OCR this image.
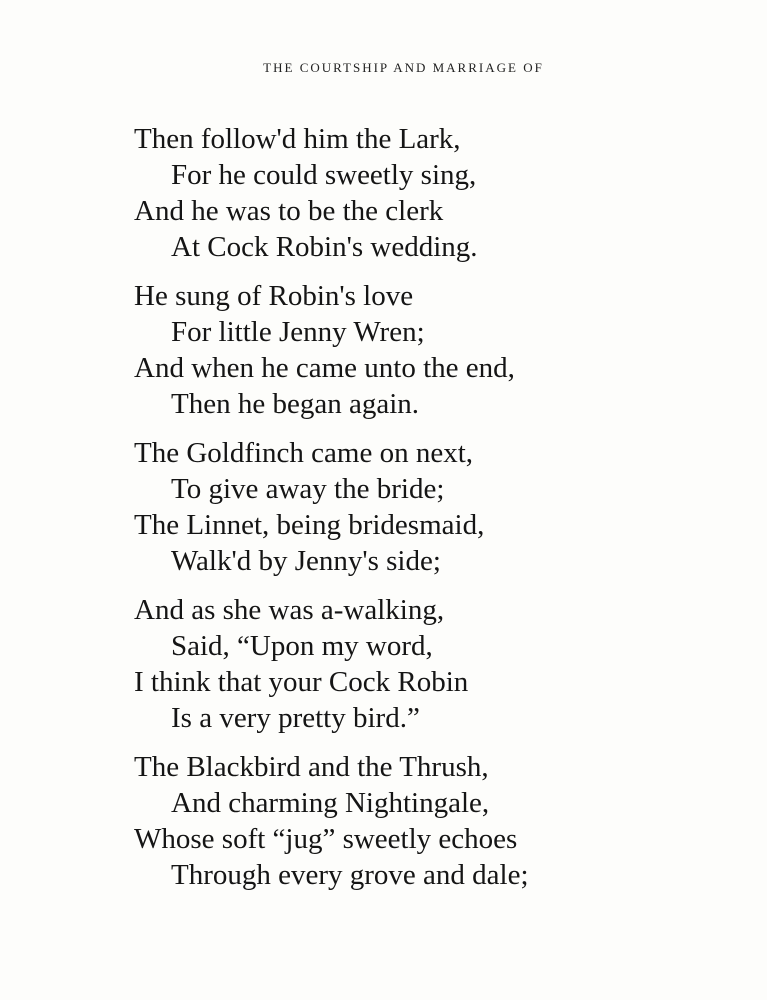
THE COURTSHIP AND MARRIAGE OF
Then follow'd him the Lark,
For he could sweetly sing,
And he was to be the clerk
At Cock Robin's wedding.
He sung of Robin's love
For little Jenny Wren;
And when he came unto the end,
Then he began again.
The Goldfinch came on next,
To give away the bride;
The Linnet, being bridesmaid,
Walk'd by Jenny's side;
And as she was a-walking,
Said, “Upon my word,
I think that your Cock Robin
Is a very pretty bird.”
The Blackbird and the Thrush,
And charming Nightingale,
Whose soft “jug” sweetly echoes
Through every grove and dale;
